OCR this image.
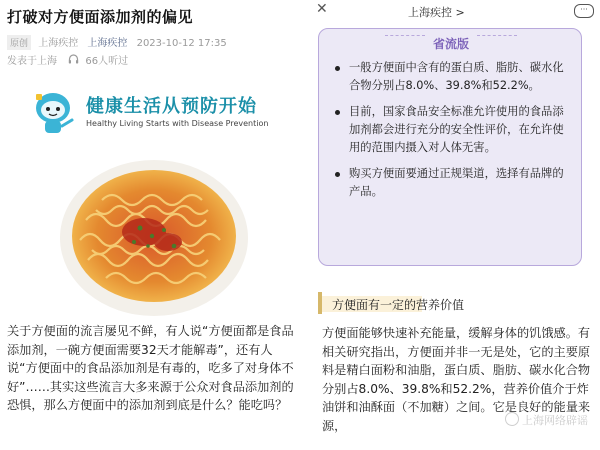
打破对方便面添加剂的偏见
原创 上海疾控 上海疾控 2023-10-12 17:35
发表于上海	66人听过
健康生活从预防开始
Healthy Living Starts with Disease Prevention

关于方便面的流言屡见不鲜，有人说“方便面都是食品添加剂，一碗方便面需要32天才能解毒”，还有人说“方便面中的食品添加剂是有毒的，吃多了对身体不好”……其实这些流言大多来源于公众对食品添加剂的恐惧，那么方便面中的添加剂到底是什么？能吃吗？

✕	上海疾控 >	···
省流版
一般方便面中含有的蛋白质、脂肪、碳水化合物分别占8.0%、39.8%和52.2%。
目前，国家食品安全标准允许使用的食品添加剂都会进行充分的安全性评价，在允许使用的范围内摄入对人体无害。
购买方便面要通过正规渠道，选择有品牌的产品。
方便面有一定的营养价值

方便面能够快速补充能量，缓解身体的饥饿感。有相关研究指出，方便面并非一无是处，它的主要原料是精白面粉和油脂，蛋白质、脂肪、碳水化合物分别占8.0%、39.8%和52.2%，营养价值介于炸油饼和油酥面（不加糖）之间。它是良好的能量来源，	上海网络辟谣
